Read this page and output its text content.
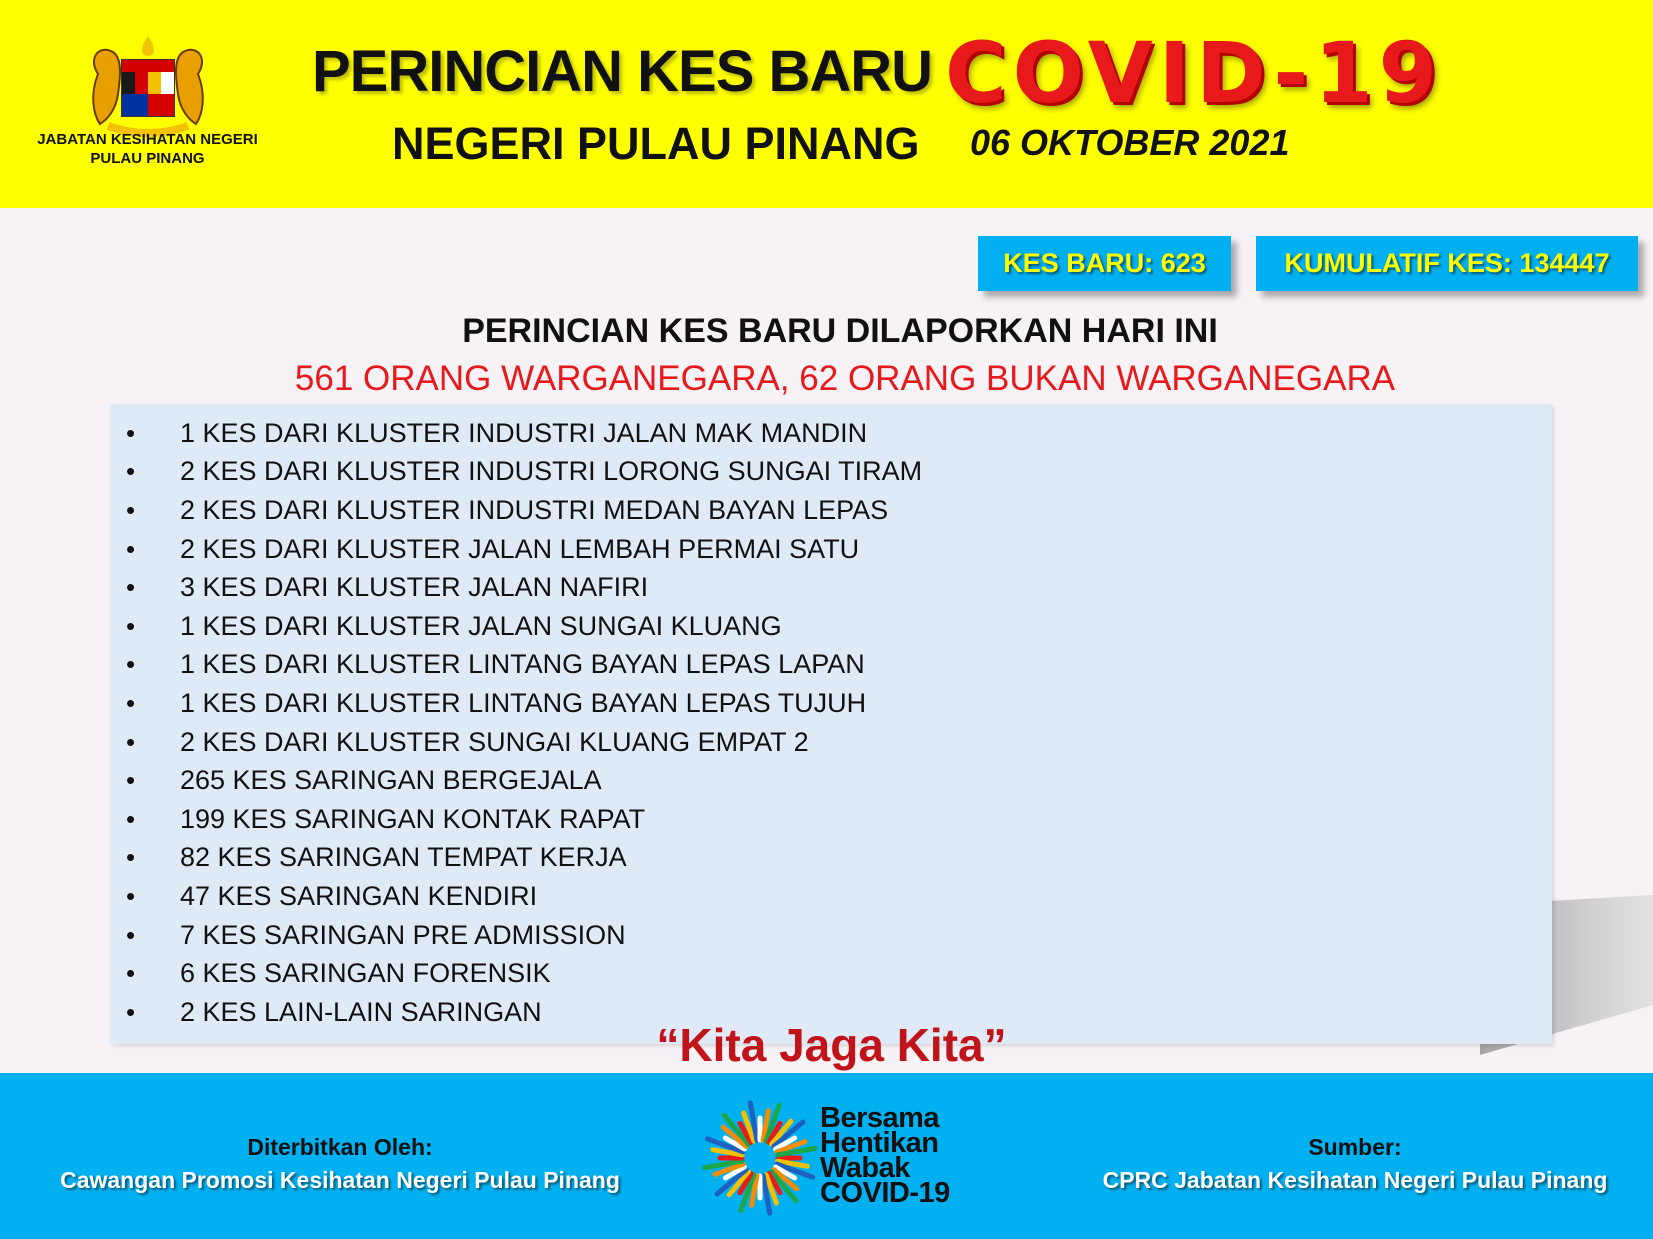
JABATAN KESIHATAN NEGERI PULAU PINANG
PERINCIAN KES BARU COVID-19
NEGERI PULAU PINANG 06 OKTOBER 2021
KES BARU: 623	KUMULATIF KES: 134447
PERINCIAN KES BARU DILAPORKAN HARI INI
561 ORANG WARGANEGARA, 62 ORANG BUKAN WARGANEGARA
•	1 KES DARI KLUSTER INDUSTRI JALAN MAK MANDIN
•	2 KES DARI KLUSTER INDUSTRI LORONG SUNGAI TIRAM
•	2 KES DARI KLUSTER INDUSTRI MEDAN BAYAN LEPAS
•	2 KES DARI KLUSTER JALAN LEMBAH PERMAI SATU
•	3 KES DARI KLUSTER JALAN NAFIRI
•	1 KES DARI KLUSTER JALAN SUNGAI KLUANG
•	1 KES DARI KLUSTER LINTANG BAYAN LEPAS LAPAN
•	1 KES DARI KLUSTER LINTANG BAYAN LEPAS TUJUH
•	2 KES DARI KLUSTER SUNGAI KLUANG EMPAT 2
•	265 KES SARINGAN BERGEJALA
•	199 KES SARINGAN KONTAK RAPAT
•	82 KES SARINGAN TEMPAT KERJA
•	47 KES SARINGAN KENDIRI
•	7 KES SARINGAN PRE ADMISSION
•	6 KES SARINGAN FORENSIK
•	2 KES LAIN-LAIN SARINGAN
“Kita Jaga Kita”
Diterbitkan Oleh:
Cawangan Promosi Kesihatan Negeri Pulau Pinang
Bersama
Hentikan
Wabak
COVID-19
Sumber:
CPRC Jabatan Kesihatan Negeri Pulau Pinang
